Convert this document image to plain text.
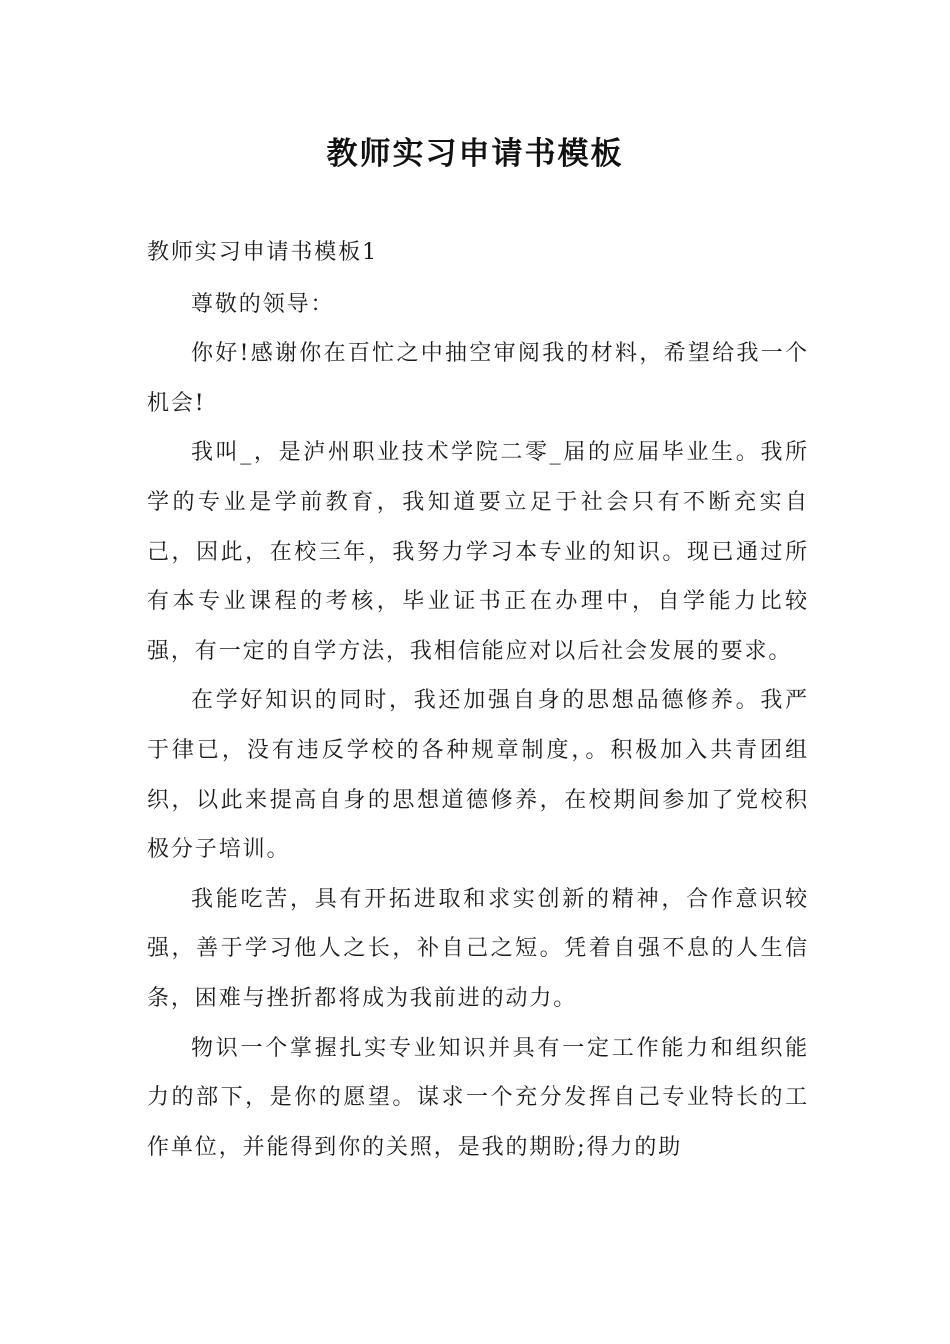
教师实习申请书模板

教师实习申请书模板1

尊敬的领导：

你好!感谢你在百忙之中抽空审阅我的材料，希望给我一个机会!

我叫_，是泸州职业技术学院二零_届的应届毕业生。我所学的专业是学前教育，我知道要立足于社会只有不断充实自己，因此，在校三年，我努力学习本专业的知识。现已通过所有本专业课程的考核，毕业证书正在办理中，自学能力比较强，有一定的自学方法，我相信能应对以后社会发展的要求。

在学好知识的同时，我还加强自身的思想品德修养。我严于律已，没有违反学校的各种规章制度，。积极加入共青团组织，以此来提高自身的思想道德修养，在校期间参加了党校积极分子培训。

我能吃苦，具有开拓进取和求实创新的精神，合作意识较强，善于学习他人之长，补自己之短。凭着自强不息的人生信条，困难与挫折都将成为我前进的动力。

物识一个掌握扎实专业知识并具有一定工作能力和组织能力的部下，是你的愿望。谋求一个充分发挥自己专业特长的工作单位，并能得到你的关照，是我的期盼;得力的助
